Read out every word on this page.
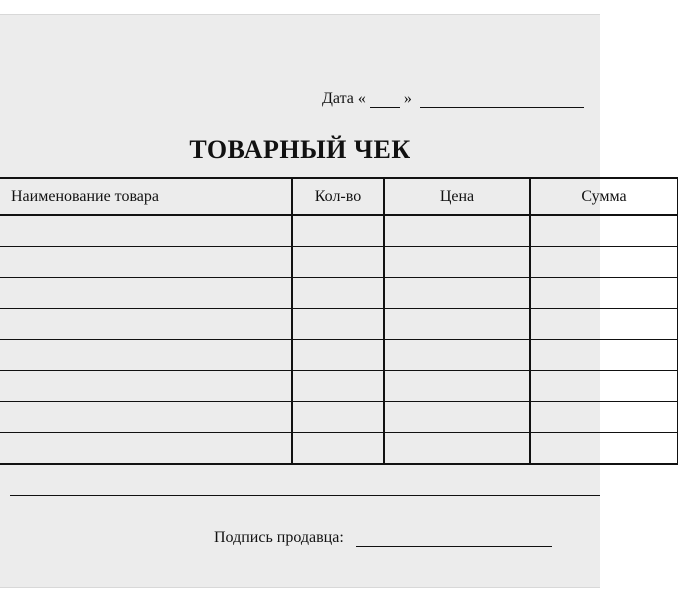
Дата « »
ТОВАРНЫЙ ЧЕК
Наименование товара	Кол-во	Цена	Сумма

Подпись продавца:
